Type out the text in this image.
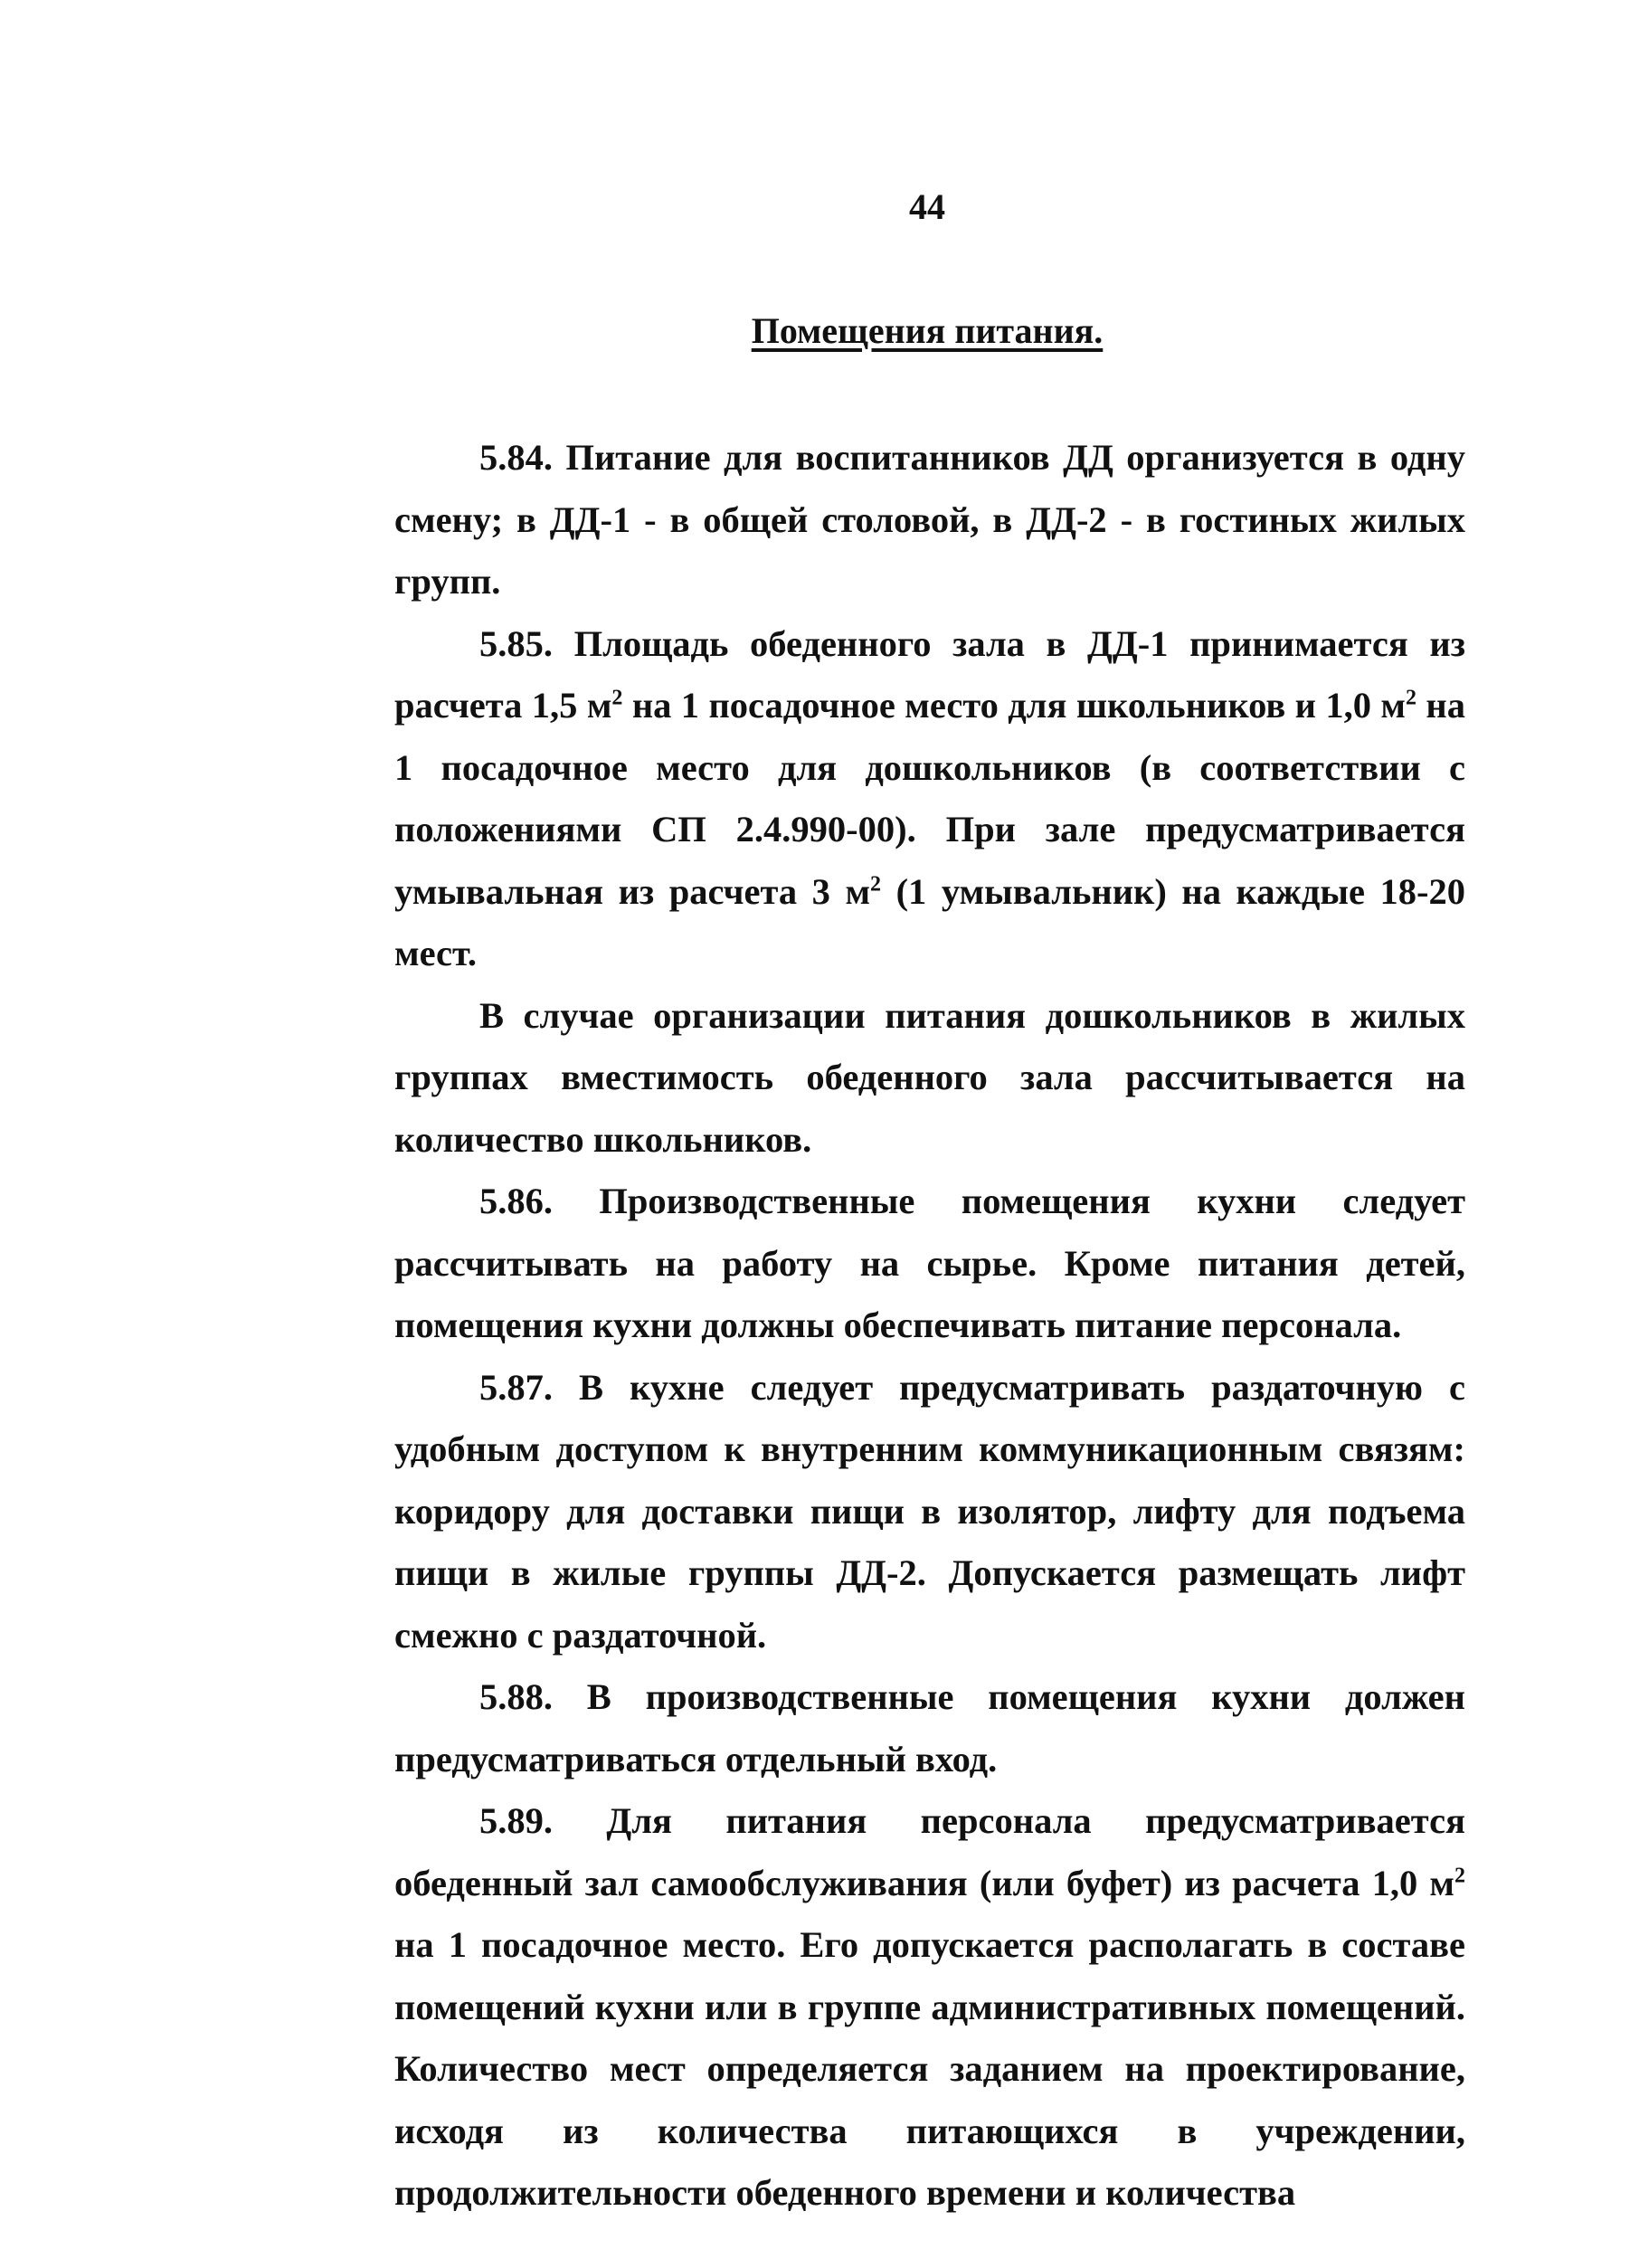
44
Помещения питания.

5.84. Питание для воспитанников ДД организуется в одну смену; в ДД-1 - в общей столовой, в ДД-2 - в гостиных жилых групп.

5.85. Площадь обеденного зала в ДД-1 принимается из расчета 1,5 $м^2$ на 1 посадочное место для школьников и 1,0 $м^2$ на 1 посадочное место для дошкольников (в соответствии с положениями СП 2.4.990-00). При зале предусматривается умывальная из расчета 3 $м^2$ (1 умывальник) на каждые 18-20 мест.

В случае организации питания дошкольников в жилых группах вместимость обеденного зала рассчитывается на количество школьников.

5.86. Производственные помещения кухни следует рассчитывать на работу на сырье. Кроме питания детей, помещения кухни должны обеспечивать питание персонала.

5.87. В кухне следует предусматривать раздаточную с удобным доступом к внутренним коммуникационным связям: коридору для доставки пищи в изолятор, лифту для подъема пищи в жилые группы ДД-2. Допускается размещать лифт смежно с раздаточной.

5.88. В производственные помещения кухни должен предусматриваться отдельный вход.

5.89. Для питания персонала предусматривается обеденный зал самообслуживания (или буфет) из расчета 1,0 $м^2$ на 1 посадочное место. Его допускается располагать в составе помещений кухни или в группе административных помещений. Количество мест определяется заданием на проектирование, исходя из количества питающихся в учреждении, продолжительности обеденного времени и количества
